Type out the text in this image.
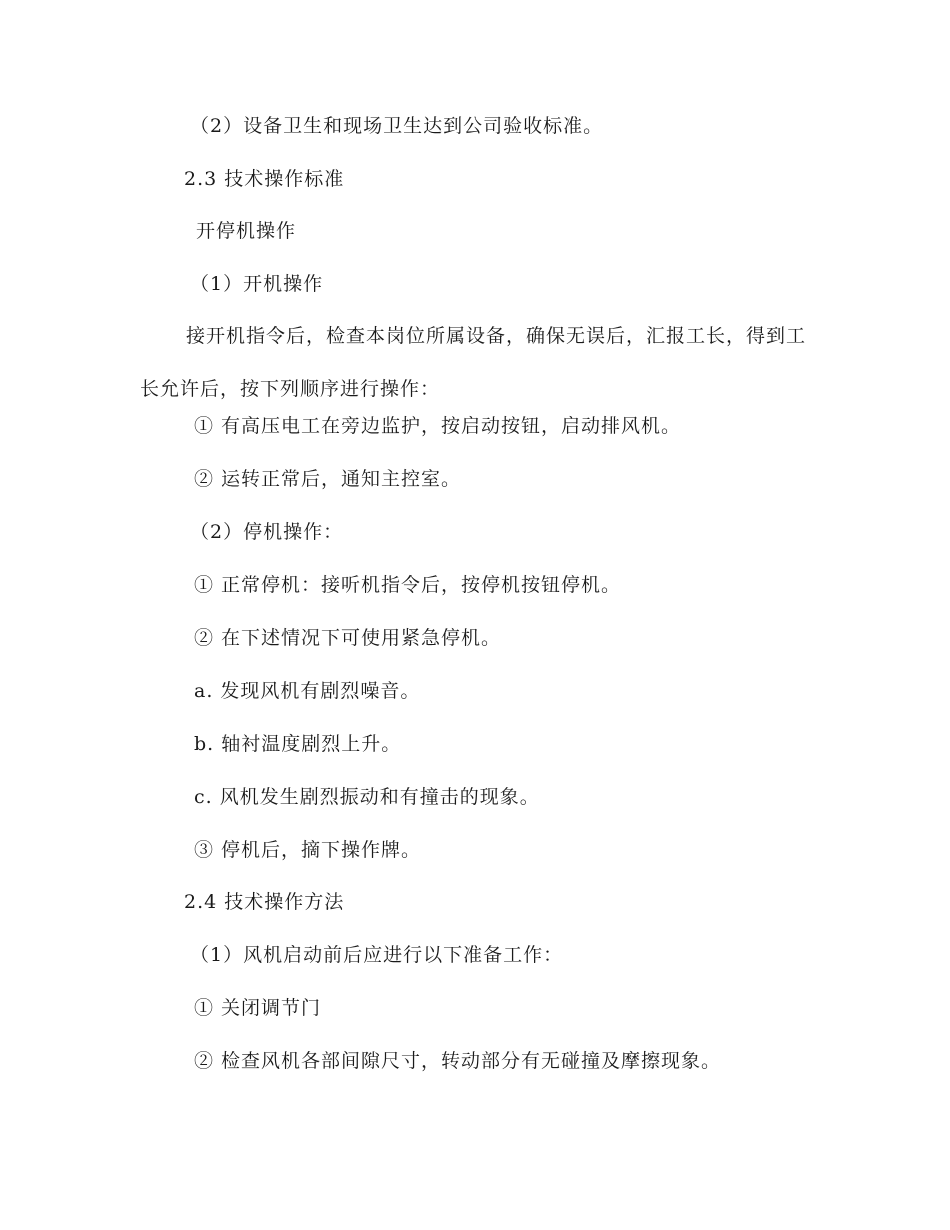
（2）设备卫生和现场卫生达到公司验收标准。
2.3 技术操作标准
开停机操作
（1）开机操作

接开机指令后，检查本岗位所属设备，确保无误后，汇报工长，得到工长允许后，按下列顺序进行操作：

① 有高压电工在旁边监护，按启动按钮，启动排风机。
② 运转正常后，通知主控室。
（2）停机操作：
① 正常停机：接听机指令后，按停机按钮停机。
② 在下述情况下可使用紧急停机。
a. 发现风机有剧烈噪音。
b. 轴衬温度剧烈上升。
c. 风机发生剧烈振动和有撞击的现象。
③ 停机后，摘下操作牌。
2.4 技术操作方法
（1）风机启动前后应进行以下准备工作：
① 关闭调节门
② 检查风机各部间隙尺寸，转动部分有无碰撞及摩擦现象。
